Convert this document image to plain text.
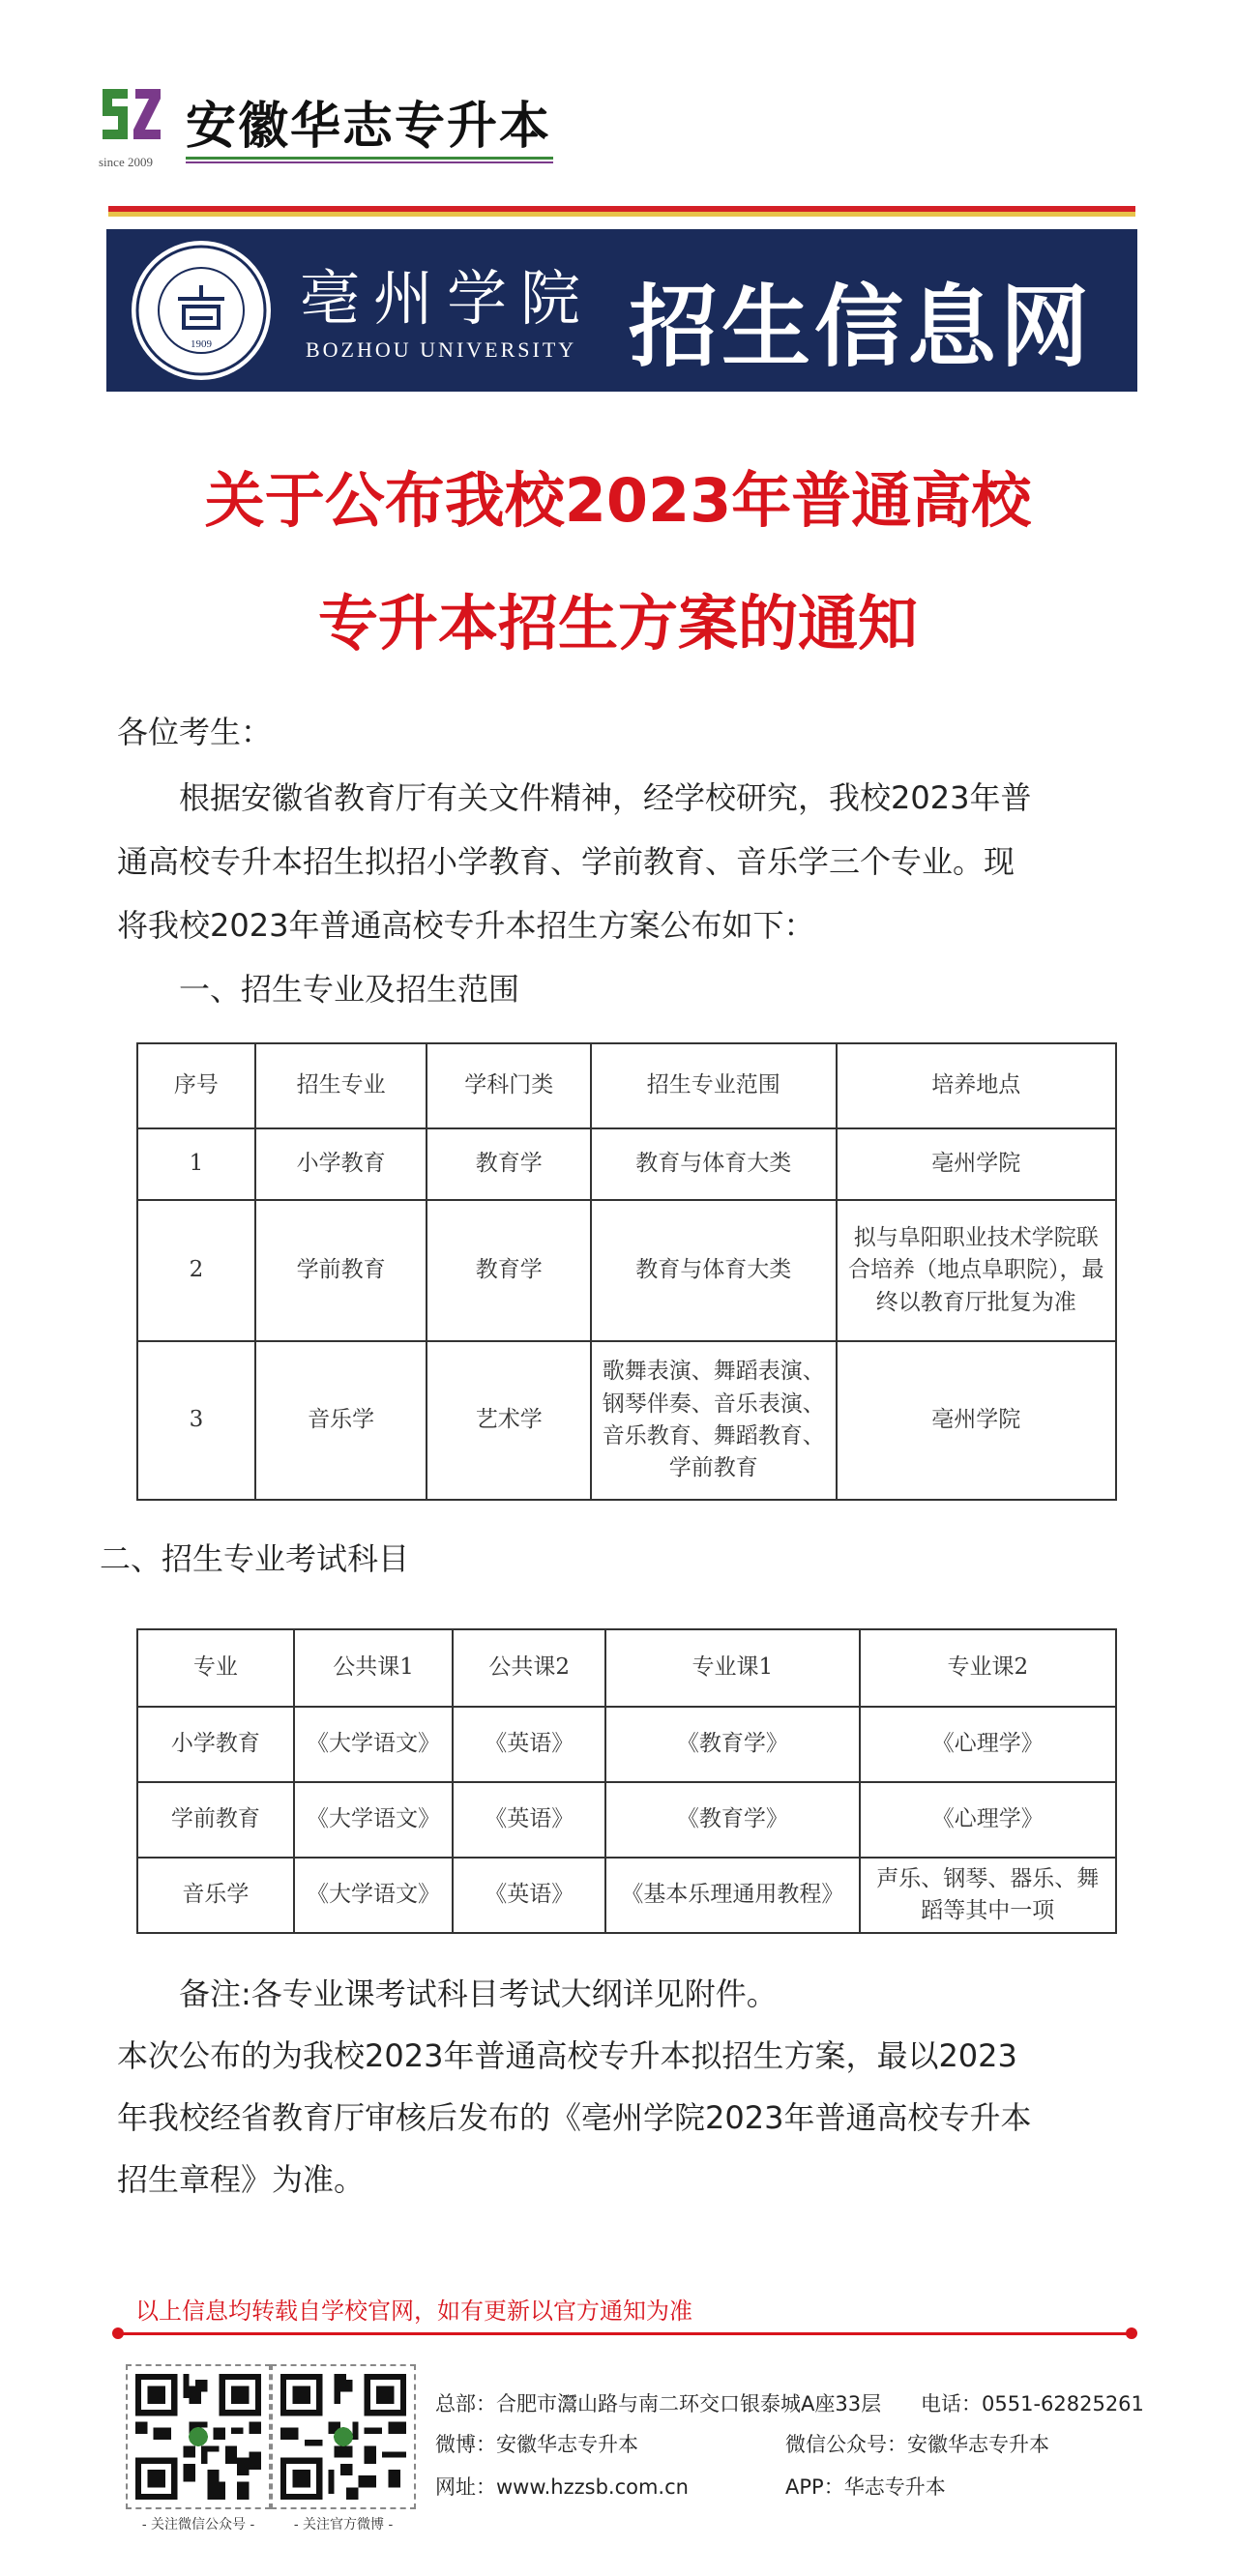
since 2009
安徽华志专升本
1909
亳州学院
BOZHOU UNIVERSITY 招生信息网
关于公布我校2023年普通高校
专升本招生方案的通知
各位考生：
根据安徽省教育厅有关文件精神，经学校研究，我校2023年普
通高校专升本招生拟招小学教育、学前教育、音乐学三个专业。现
将我校2023年普通高校专升本招生方案公布如下：
一、招生专业及招生范围
序号	招生专业	学科门类	招生专业范围	培养地点
1	小学教育	教育学	教育与体育大类	亳州学院
2	学前教育	教育学	教育与体育大类	拟与阜阳职业技术学院联合培养（地点阜职院），最终以教育厅批复为准
3	音乐学	艺术学	歌舞表演、舞蹈表演、钢琴伴奏、音乐表演、音乐教育、舞蹈教育、学前教育	亳州学院
二、招生专业考试科目
专业	公共课1	公共课2	专业课1	专业课2
小学教育	《大学语文》	《英语》	《教育学》	《心理学》
学前教育	《大学语文》	《英语》	《教育学》	《心理学》
音乐学	《大学语文》	《英语》	《基本乐理通用教程》	声乐、钢琴、器乐、舞蹈等其中一项
备注:各专业课考试科目考试大纲详见附件。
本次公布的为我校2023年普通高校专升本拟招生方案，最以2023
年我校经省教育厅审核后发布的《亳州学院2023年普通高校专升本
招生章程》为准。
以上信息均转载自学校官网，如有更新以官方通知为准
- 关注微信公众号 -	- 关注官方微博 -
总部：合肥市灊山路与南二环交口银泰城A座33层 电话：0551-62825261
微博：安徽华志专升本	微信公众号：安徽华志专升本
网址：www.hzzsb.com.cn	APP：华志专升本
